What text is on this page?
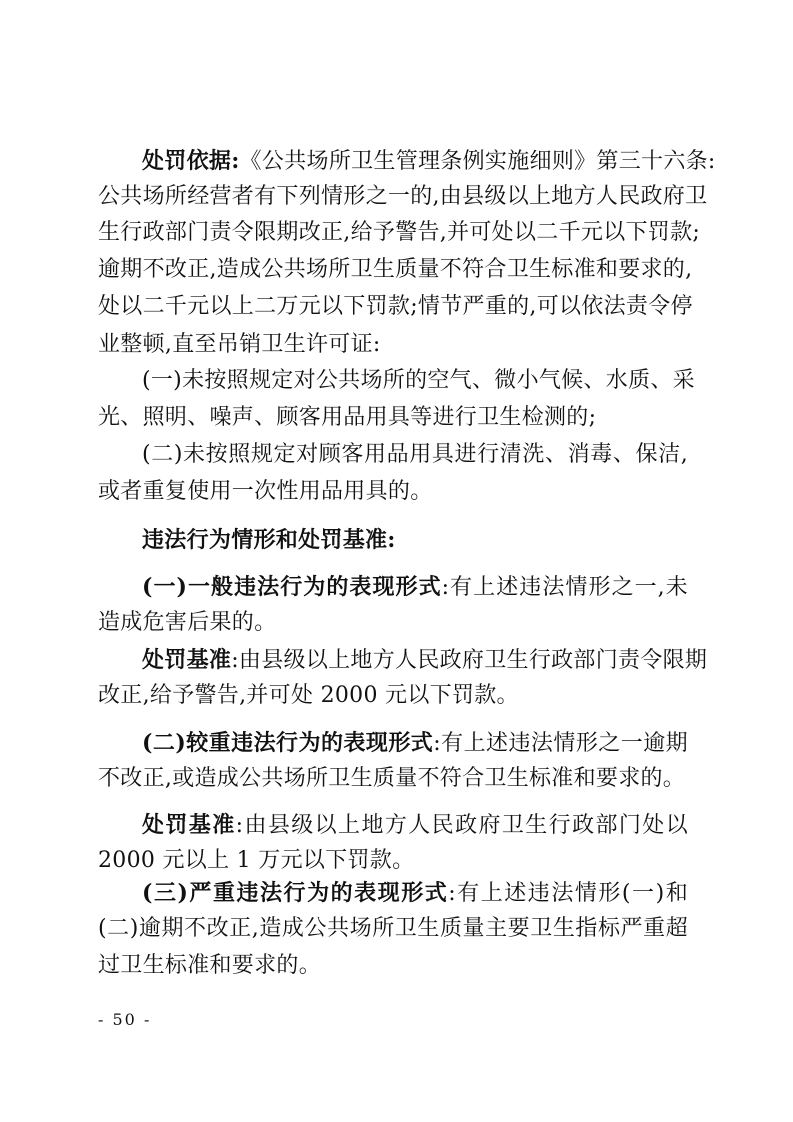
处罚依据:《公共场所卫生管理条例实施细则》第三十六条:
公共场所经营者有下列情形之一的,由县级以上地方人民政府卫
生行政部门责令限期改正,给予警告,并可处以二千元以下罚款;
逾期不改正,造成公共场所卫生质量不符合卫生标准和要求的,
处以二千元以上二万元以下罚款;情节严重的,可以依法责令停
业整顿,直至吊销卫生许可证:
(一)未按照规定对公共场所的空气、微小气候、水质、采
光、照明、噪声、顾客用品用具等进行卫生检测的;
(二)未按照规定对顾客用品用具进行清洗、消毒、保洁,
或者重复使用一次性用品用具的。
违法行为情形和处罚基准:
(一)一般违法行为的表现形式:有上述违法情形之一,未
造成危害后果的。
处罚基准:由县级以上地方人民政府卫生行政部门责令限期
改正,给予警告,并可处 2000 元以下罚款。
(二)较重违法行为的表现形式:有上述违法情形之一逾期
不改正,或造成公共场所卫生质量不符合卫生标准和要求的。
处罚基准:由县级以上地方人民政府卫生行政部门处以
2000 元以上 1 万元以下罚款。
(三)严重违法行为的表现形式:有上述违法情形(一)和
(二)逾期不改正,造成公共场所卫生质量主要卫生指标严重超
过卫生标准和要求的。
- 50 -
